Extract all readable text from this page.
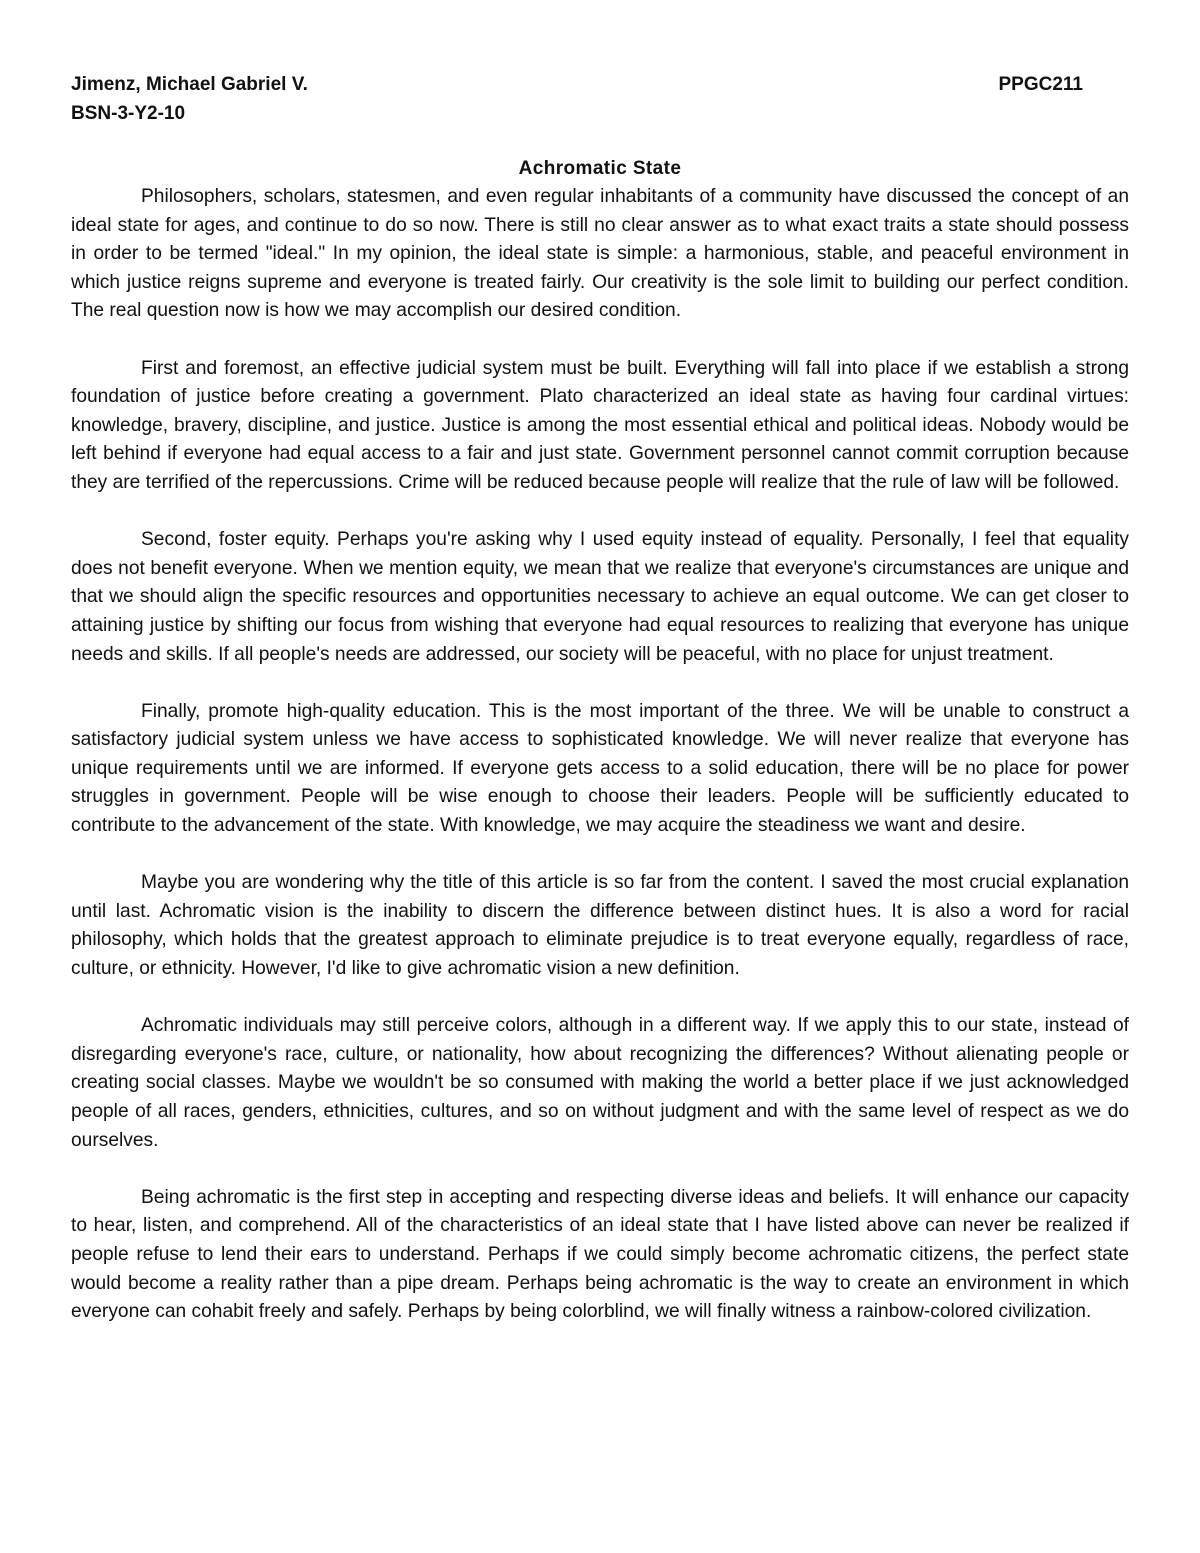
Jimenz, Michael Gabriel V.	PPGC211
BSN-3-Y2-10
Achromatic State

Philosophers, scholars, statesmen, and even regular inhabitants of a community have discussed the concept of an ideal state for ages, and continue to do so now. There is still no clear answer as to what exact traits a state should possess in order to be termed "ideal." In my opinion, the ideal state is simple: a harmonious, stable, and peaceful environment in which justice reigns supreme and everyone is treated fairly. Our creativity is the sole limit to building our perfect condition. The real question now is how we may accomplish our desired condition.

First and foremost, an effective judicial system must be built. Everything will fall into place if we establish a strong foundation of justice before creating a government. Plato characterized an ideal state as having four cardinal virtues: knowledge, bravery, discipline, and justice. Justice is among the most essential ethical and political ideas. Nobody would be left behind if everyone had equal access to a fair and just state. Government personnel cannot commit corruption because they are terrified of the repercussions. Crime will be reduced because people will realize that the rule of law will be followed.

Second, foster equity. Perhaps you're asking why I used equity instead of equality. Personally, I feel that equality does not benefit everyone. When we mention equity, we mean that we realize that everyone's circumstances are unique and that we should align the specific resources and opportunities necessary to achieve an equal outcome. We can get closer to attaining justice by shifting our focus from wishing that everyone had equal resources to realizing that everyone has unique needs and skills. If all people's needs are addressed, our society will be peaceful, with no place for unjust treatment.

Finally, promote high-quality education. This is the most important of the three. We will be unable to construct a satisfactory judicial system unless we have access to sophisticated knowledge. We will never realize that everyone has unique requirements until we are informed. If everyone gets access to a solid education, there will be no place for power struggles in government. People will be wise enough to choose their leaders. People will be sufficiently educated to contribute to the advancement of the state. With knowledge, we may acquire the steadiness we want and desire.

Maybe you are wondering why the title of this article is so far from the content. I saved the most crucial explanation until last. Achromatic vision is the inability to discern the difference between distinct hues. It is also a word for racial philosophy, which holds that the greatest approach to eliminate prejudice is to treat everyone equally, regardless of race, culture, or ethnicity. However, I'd like to give achromatic vision a new definition.

Achromatic individuals may still perceive colors, although in a different way. If we apply this to our state, instead of disregarding everyone's race, culture, or nationality, how about recognizing the differences? Without alienating people or creating social classes. Maybe we wouldn't be so consumed with making the world a better place if we just acknowledged people of all races, genders, ethnicities, cultures, and so on without judgment and with the same level of respect as we do ourselves.

Being achromatic is the first step in accepting and respecting diverse ideas and beliefs. It will enhance our capacity to hear, listen, and comprehend. All of the characteristics of an ideal state that I have listed above can never be realized if people refuse to lend their ears to understand. Perhaps if we could simply become achromatic citizens, the perfect state would become a reality rather than a pipe dream. Perhaps being achromatic is the way to create an environment in which everyone can cohabit freely and safely. Perhaps by being colorblind, we will finally witness a rainbow-colored civilization.
